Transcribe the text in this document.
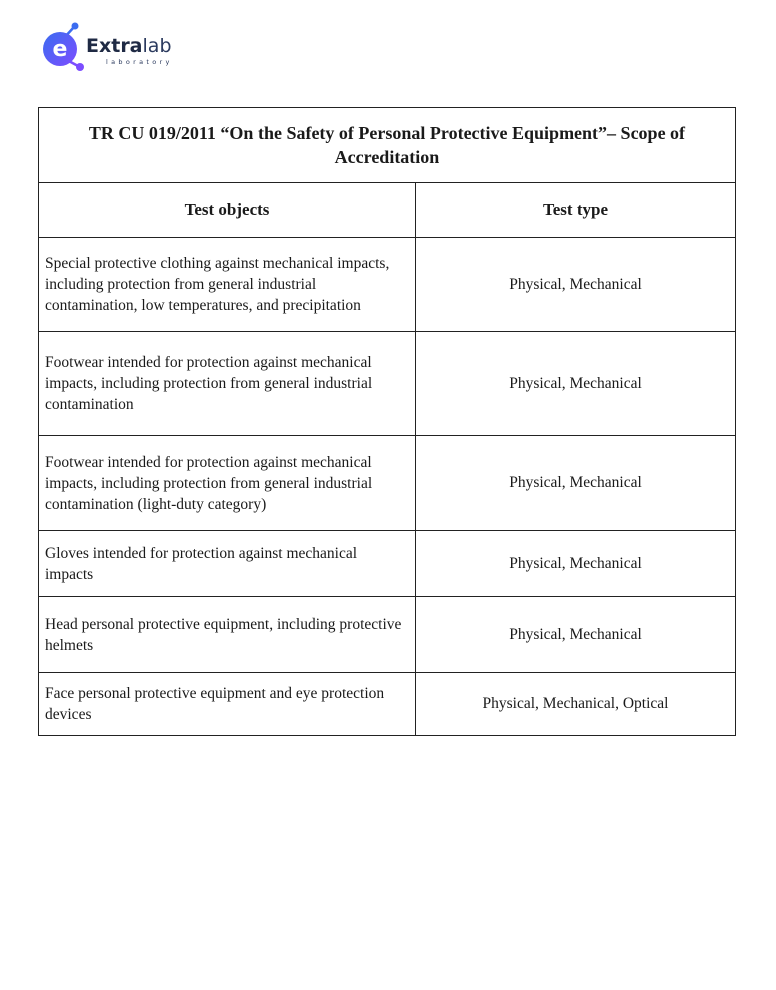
e Extralab
laboratory
TR CU 019/2011 “On the Safety of Personal Protective Equipment”– Scope of Accreditation	
Test objects	Test type
Special protective clothing against mechanical impacts, including protection from general industrial contamination, low temperatures, and precipitation	Physical, Mechanical
Footwear intended for protection against mechanical impacts, including protection from general industrial contamination	Physical, Mechanical
Footwear intended for protection against mechanical impacts, including protection from general industrial contamination (light-duty category)	Physical, Mechanical
Gloves intended for protection against mechanical impacts	Physical, Mechanical
Head personal protective equipment, including protective helmets	Physical, Mechanical
Face personal protective equipment and eye protection devices	Physical, Mechanical, Optical
